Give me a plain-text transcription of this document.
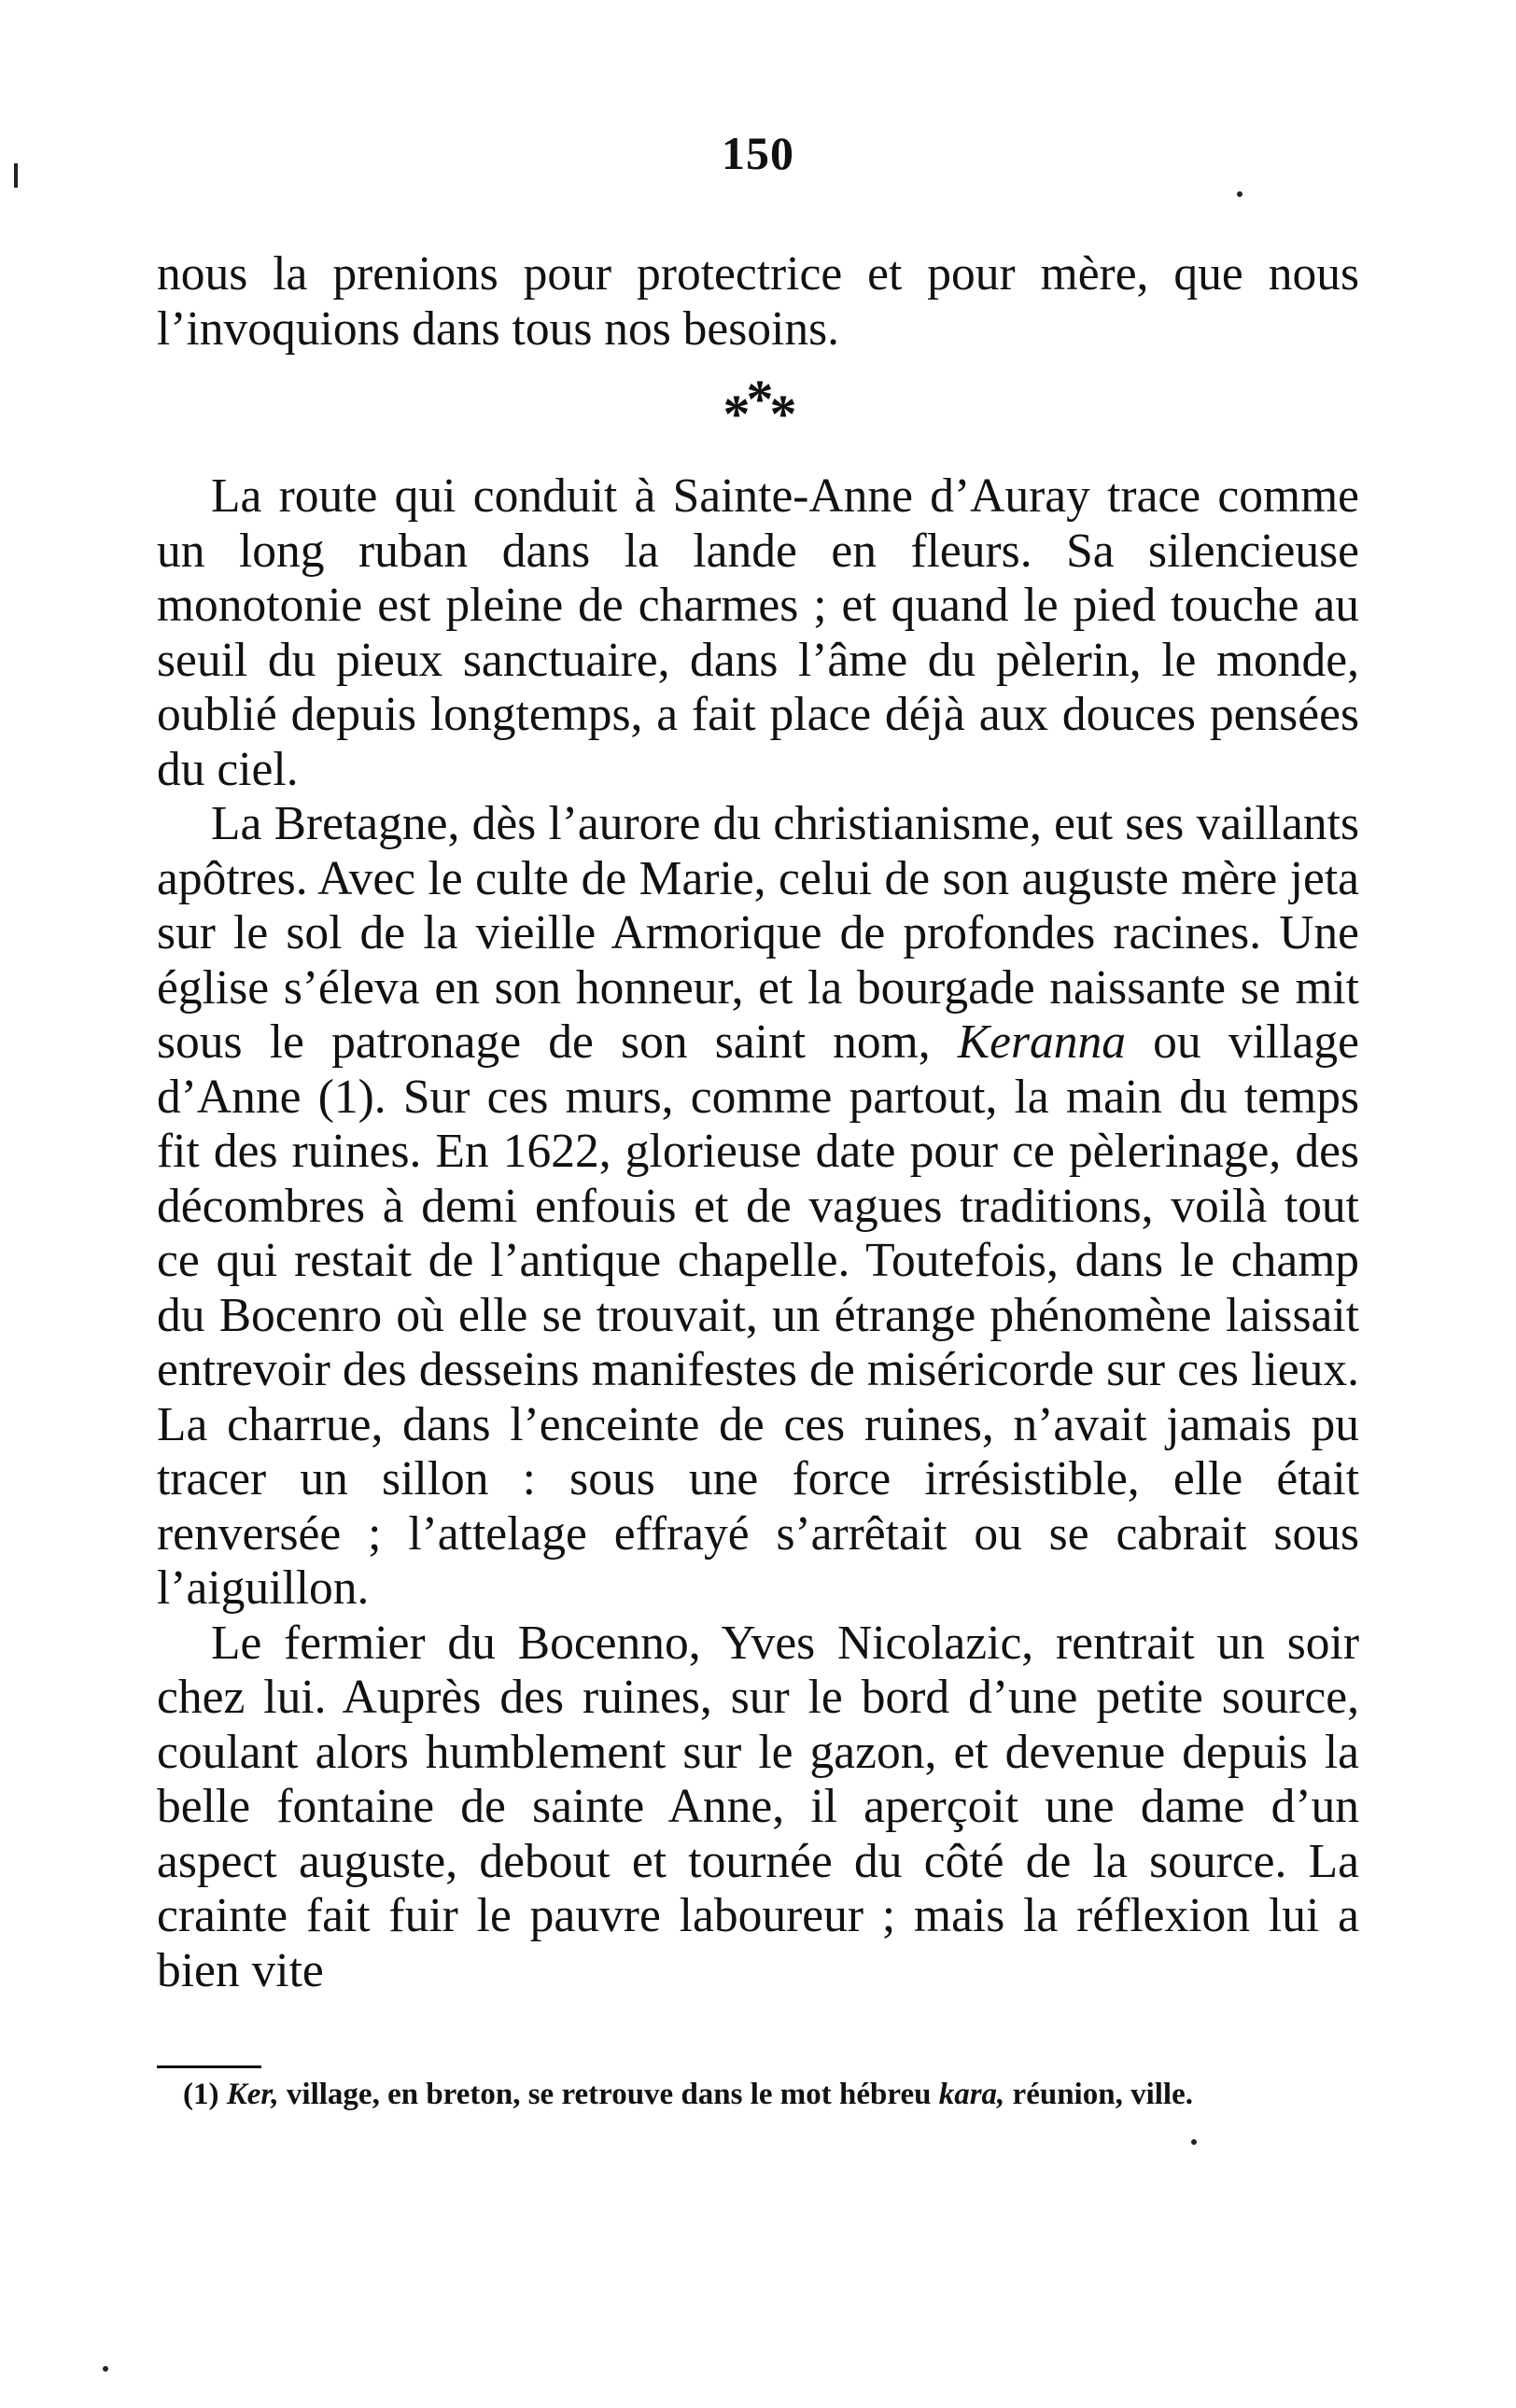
150

nous la prenions pour protectrice et pour mère, que nous l’invoquions dans tous nos besoins.

***

La route qui conduit à Sainte-Anne d’Auray trace comme un long ruban dans la lande en fleurs. Sa silencieuse monotonie est pleine de charmes ; et quand le pied touche au seuil du pieux sanctuaire, dans l’âme du pèlerin, le monde, oublié depuis longtemps, a fait place déjà aux douces pensées du ciel.

La Bretagne, dès l’aurore du christianisme, eut ses vaillants apôtres. Avec le culte de Marie, celui de son auguste mère jeta sur le sol de la vieille Armorique de profondes racines. Une église s’éleva en son honneur, et la bourgade naissante se mit sous le patronage de son saint nom, Keranna ou village d’Anne (1). Sur ces murs, comme partout, la main du temps fit des ruines. En 1622, glorieuse date pour ce pèlerinage, des décombres à demi enfouis et de vagues traditions, voilà tout ce qui restait de l’antique chapelle. Toutefois, dans le champ du Bocenro où elle se trouvait, un étrange phénomène laissait entrevoir des desseins manifestes de miséricorde sur ces lieux. La charrue, dans l’enceinte de ces ruines, n’avait jamais pu tracer un sillon : sous une force irrésistible, elle était renversée ; l’attelage effrayé s’arrêtait ou se cabrait sous l’aiguillon.

Le fermier du Bocenno, Yves Nicolazic, rentrait un soir chez lui. Auprès des ruines, sur le bord d’une petite source, coulant alors humblement sur le gazon, et devenue depuis la belle fontaine de sainte Anne, il aperçoit une dame d’un aspect auguste, debout et tournée du côté de la source. La crainte fait fuir le pauvre laboureur ; mais la réflexion lui a bien vite

(1) Ker, village, en breton, se retrouve dans le mot hébreu kara, réunion, ville.
